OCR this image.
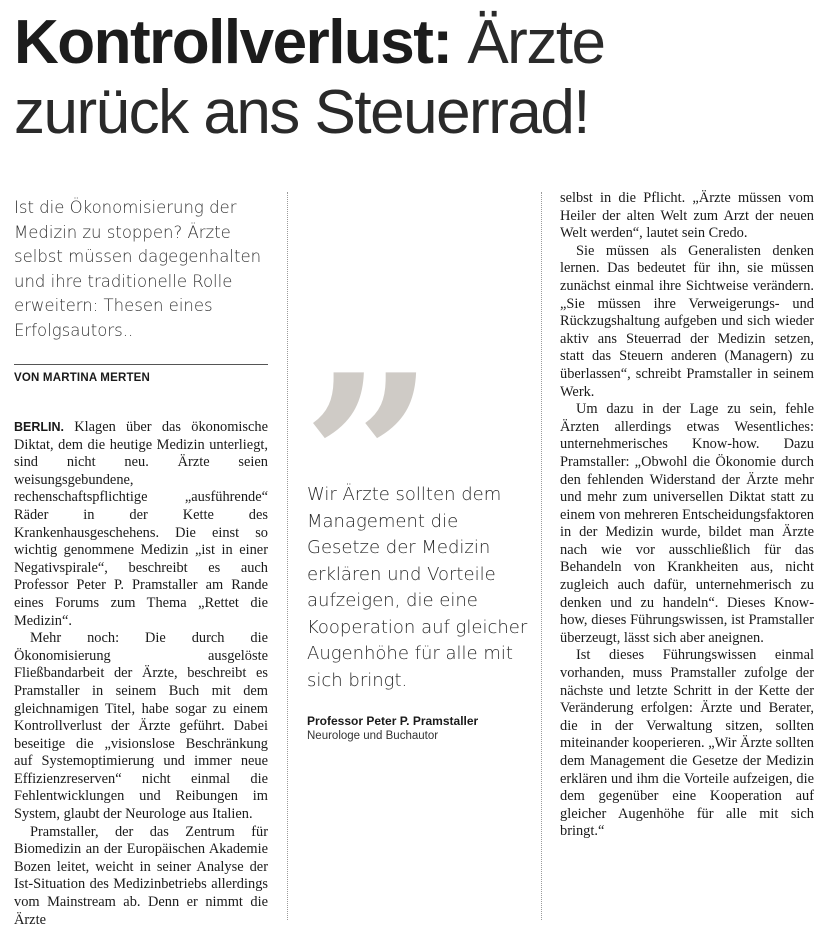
Kontrollverlust: Ärzte
zurück ans Steuerrad!

Ist die Ökonomisierung der Medizin zu stoppen? Ärzte selbst müssen dagegenhalten und ihre traditionelle Rolle erweitern: Thesen eines Erfolgsautors..

VON MARTINA MERTEN

BERLIN. Klagen über das ökonomische Diktat, dem die heutige Medizin unterliegt, sind nicht neu. Ärzte seien weisungsgebundene, rechenschaftspflichtige „ausführende“ Räder in der Kette des Krankenhausgeschehens. Die einst so wichtig genommene Medizin „ist in einer Negativspirale“, beschreibt es auch Professor Peter P. Pramstaller am Rande eines Forums zum Thema „Rettet die Medizin“.

Mehr noch: Die durch die Ökonomisierung ausgelöste Fließbandarbeit der Ärzte, beschreibt es Pramstaller in seinem Buch mit dem gleichnamigen Titel, habe sogar zu einem Kontrollverlust der Ärzte geführt. Dabei beseitige die „visionslose Beschränkung auf Systemoptimierung und immer neue Effizienzreserven“ nicht einmal die Fehlentwicklungen und Reibungen im System, glaubt der Neurologe aus Italien.

Pramstaller, der das Zentrum für Biomedizin an der Europäischen Akademie Bozen leitet, weicht in seiner Analyse der Ist-Situation des Medizinbetriebs allerdings vom Mainstream ab. Denn er nimmt die Ärzte

Wir Ärzte sollten dem Management die Gesetze der Medizin erklären und Vorteile aufzeigen, die eine Kooperation auf gleicher Augenhöhe für alle mit sich bringt.

Professor Peter P. Pramstaller
Neurologe und Buchautor

selbst in die Pflicht. „Ärzte müssen vom Heiler der alten Welt zum Arzt der neuen Welt werden“, lautet sein Credo.

Sie müssen als Generalisten denken lernen. Das bedeutet für ihn, sie müssen zunächst einmal ihre Sichtweise verändern. „Sie müssen ihre Verweigerungs- und Rückzugshaltung aufgeben und sich wieder aktiv ans Steuerrad der Medizin setzen, statt das Steuern anderen (Managern) zu überlassen“, schreibt Pramstaller in seinem Werk.

Um dazu in der Lage zu sein, fehle Ärzten allerdings etwas Wesentliches: unternehmerisches Know-how. Dazu Pramstaller: „Obwohl die Ökonomie durch den fehlenden Widerstand der Ärzte mehr und mehr zum universellen Diktat statt zu einem von mehreren Entscheidungsfaktoren in der Medizin wurde, bildet man Ärzte nach wie vor ausschließlich für das Behandeln von Krankheiten aus, nicht zugleich auch dafür, unternehmerisch zu denken und zu handeln“. Dieses Know-how, dieses Führungswissen, ist Pramstaller überzeugt, lässt sich aber aneignen.

Ist dieses Führungswissen einmal vorhanden, muss Pramstaller zufolge der nächste und letzte Schritt in der Kette der Veränderung erfolgen: Ärzte und Berater, die in der Verwaltung sitzen, sollten miteinander kooperieren. „Wir Ärzte sollten dem Management die Gesetze der Medizin erklären und ihm die Vorteile aufzeigen, die dem gegenüber eine Kooperation auf gleicher Augenhöhe für alle mit sich bringt.“
